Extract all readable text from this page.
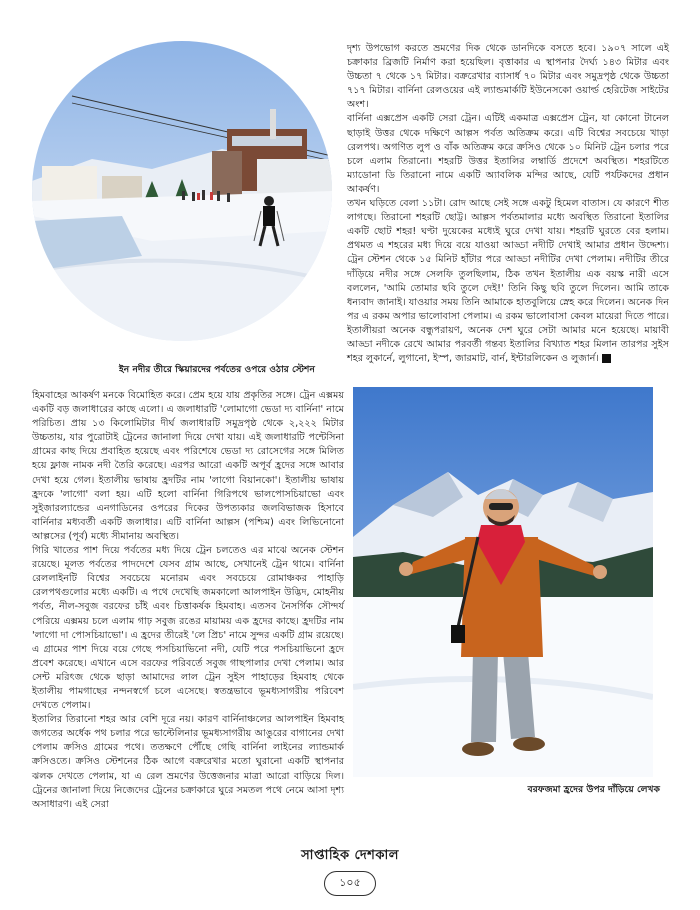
ইন নদীর তীরে স্কিয়ারদের পর্বতের ওপরে ওঠার স্টেশন

দৃশ্য উপভোগ করতে ভ্রমণের দিক থেকে ডানদিকে বসতে হবে। ১৯০৭ সালে এই চক্রাকার ব্রিজটি নির্মাণ করা হয়েছিল। বৃত্তাকার এ স্থাপনার দৈর্ঘ্য ১৪৩ মিটার এবং উচ্চতা ৭ থেকে ১৭ মিটার। বক্ররেখার ব্যাসার্ধ ৭০ মিটার এবং সমুদ্রপৃষ্ঠ থেকে উচ্চতা ৭১৭ মিটার। বার্নিনা রেলওয়ের এই ল্যান্ডমার্কটি ইউনেসকো ওয়ার্ল্ড হেরিটেজ সাইটের অংশ।

বার্নিনা এক্সপ্রেস একটি সেরা ট্রেন। এটিই একমাত্র এক্সপ্রেস ট্রেন, যা কোনো টানেল ছাড়াই উত্তর থেকে দক্ষিণে আল্পস পর্বত অতিক্রম করে। এটি বিশ্বের সবচেয়ে খাড়া রেলপথ। অগণিত লুপ ও বাঁক অতিক্রম করে ক্রসিও থেকে ১০ মিনিট ট্রেন চলার পরে চলে এলাম তিরানো। শহরটি উত্তর ইতালির লম্বার্ডি প্রদেশে অবস্থিত। শহরটিতে ম্যাডোনা ডি তিরানো নামে একটি অ্যাবলিক মন্দির আছে, যেটি পর্যটকদের প্রধান আকর্ষণ।

তখন ঘড়িতে বেলা ১১টা। রোদ আছে সেই সঙ্গে একটু হিমেল বাতাস। যে কারণে শীত লাগছে। তিরানো শহরটি ছোট্ট। আল্পস পর্বতমালার মধ্যে অবস্থিত তিরানো ইতালির একটি ছোট শহর! ঘণ্টা দুয়েকের মধ্যেই ঘুরে দেখা যায়। শহরটি ঘুরতে বের হলাম। প্রথমত এ শহরের মধ্য দিয়ে বয়ে যাওয়া আড্ডা নদীটি দেখাই আমার প্রধান উদ্দেশ্য। ট্রেন স্টেশন থেকে ১৫ মিনিট হাঁটার পরে আড্ডা নদীটির দেখা পেলাম। নদীটির তীরে দাঁড়িয়ে নদীর সঙ্গে সেলফি তুলছিলাম, ঠিক তখন ইতালীয় এক বয়স্ক নারী এসে বললেন, 'আমি তোমার ছবি তুলে দেই!' তিনি কিছু ছবি তুলে দিলেন। আমি তাকে ধন্যবাদ জানাই। যাওয়ার সময় তিনি আমাকে হাতবুলিয়ে স্নেহ করে দিলেন। অনেক দিন পর এ রকম অপার ভালোবাসা পেলাম। এ রকম ভালোবাসা কেবল মায়েরা দিতে পারে। ইতালীয়রা অনেক বন্ধুপরায়ণ, অনেক দেশ ঘুরে সেটা আমার মনে হয়েছে। মায়াবী আড্ডা নদীকে রেখে আমার পরবর্তী গন্তব্য ইতালির বিখ্যাত শহর মিলান তারপর সুইস শহর লুকার্নে, লুগানো, ইস্প, জারমাট, বার্ন, ইন্টারলিকেন ও লুজার্ন।

হিমবাহের আকর্ষণ মনকে বিমোহিত করে। প্রেম হয়ে যায় প্রকৃতির সঙ্গে। ট্রেন এক্সময় একটি বড় জলাধারের কাছে এলো। এ জলাধারটি 'লোমাগো ভেডা দ্য বার্নিনা' নামে পরিচিত। প্রায় ১৩ কিলোমিটার দীর্ঘ জলাধারটি সমুদ্রপৃষ্ঠ থেকে ২,২২২ মিটার উচ্চতায়, যার পুরোটাই ট্রেনের জানালা দিয়ে দেখা যায়। এই জলাধারটি পন্টেসিনা গ্রামের কাছ দিয়ে প্রবাহিত হয়েছে এবং পরিশেষে ভেডা দ্য রোসেগের সঙ্গে মিলিত হয়ে ফ্লাজ নামক নদী তৈরি করেছে। এরপর আরো একটি অপূর্ব হ্রদের সঙ্গে আবার দেখা হয়ে গেল। ইতালীয় ভাষায় হ্রদটির নাম 'লাগো বিয়ানকো'। ইতালীয় ভাষায় হ্রদকে 'লাগো' বলা হয়। এটি হলো বার্নিনা গিরিপথে ভালপোসচিয়াভো এবং সুইজারল্যান্ডের এনগাডিনের ওপরের দিকের উপত্যকার জলবিভাজক হিসাবে বার্নিনার মধ্যবর্তী একটি জলাধার। এটি বার্নিনা আল্পস (পশ্চিম) এবং লিভিনোনো আল্পসের (পূর্ব) মধ্যে সীমানায় অবস্থিত।

গিরি খাতের পাশ দিয়ে পর্বতের মধ্য দিয়ে ট্রেন চলতেও এর মাঝে অনেক স্টেশন রয়েছে। মূলত পর্বতের পাদদেশে যেসব গ্রাম আছে, সেখানেই ট্রেন থামে। বার্নিনা রেললাইনটি বিশ্বের সবচেয়ে মনোরম এবং সবচেয়ে রোমাঞ্চকর পাহাড়ি রেলপথগুলোর মধ্যে একটি। এ পথে দেখেছি জমকালো আলপাইন উদ্ভিদ, মোহনীয় পর্বত, নীল-সবুজ বরফের চাঁই এবং চিত্তাকর্ষক হিমবাহ। এতসব নৈসর্গিক সৌন্দর্য পেরিয়ে এক্সময় চলে এলাম গাঢ় সবুজ রঙের মায়াময় এক হ্রদের কাছে। হ্রদটির নাম 'লাগো দা পোসচিয়াভো'। এ হ্রদের তীরেই 'লে প্রিচ' নামে সুন্দর একটি গ্রাম রয়েছে। এ গ্রামের পাশ দিয়ে বয়ে গেছে পসচিয়াভিনো নদী, যেটি পরে পসচিয়াভিনো হ্রদে প্রবেশ করেছে। এখানে এসে বরফের পরিবর্তে সবুজ গাছপালার দেখা পেলাম। আর সেন্ট মরিৎজ থেকে ছাড়া আমাদের লাল ট্রেন সুইস পাহাড়ের হিমবাহ থেকে ইতালীয় পামগাছের নন্দনস্বর্গে চলে এসেছে। স্বতন্ত্রভাবে ভূমধ্যসাগরীয় পরিবেশ দেখতে পেলাম।

ইতালির তিরানো শহর আর বেশি দূরে নয়। কারণ বার্নিনাঞ্চলের আলপাইন হিমবাহ জগতের অর্ধেক পথ চলার পরে ভাল্টেলিনার ভূমধ্যসাগরীয় আঙুরের বাগানের দেখা পেলাম ক্রসিও গ্রামের পথে। ততক্ষণে পৌঁছে গেছি বার্নিনা লাইনের ল্যান্ডমার্ক ক্রসিওতে। ক্রসিও স্টেশনের ঠিক আগে বক্ররেখার মতো ঘুরানো একটি স্থাপনার ঝলক দেখতে পেলাম, যা এ রেল ভ্রমণের উত্তেজনার মাত্রা আরো বাড়িয়ে দিল। ট্রেনের জানালা দিয়ে নিজেদের ট্রেনের চক্রাকারে ঘুরে সমতল পথে নেমে আসা দৃশ্য অসাধারণ। এই সেরা

বরফজমা হ্রদের উপর দাঁড়িয়ে লেখক
সাপ্তাহিক দেশকাল
১০৫
